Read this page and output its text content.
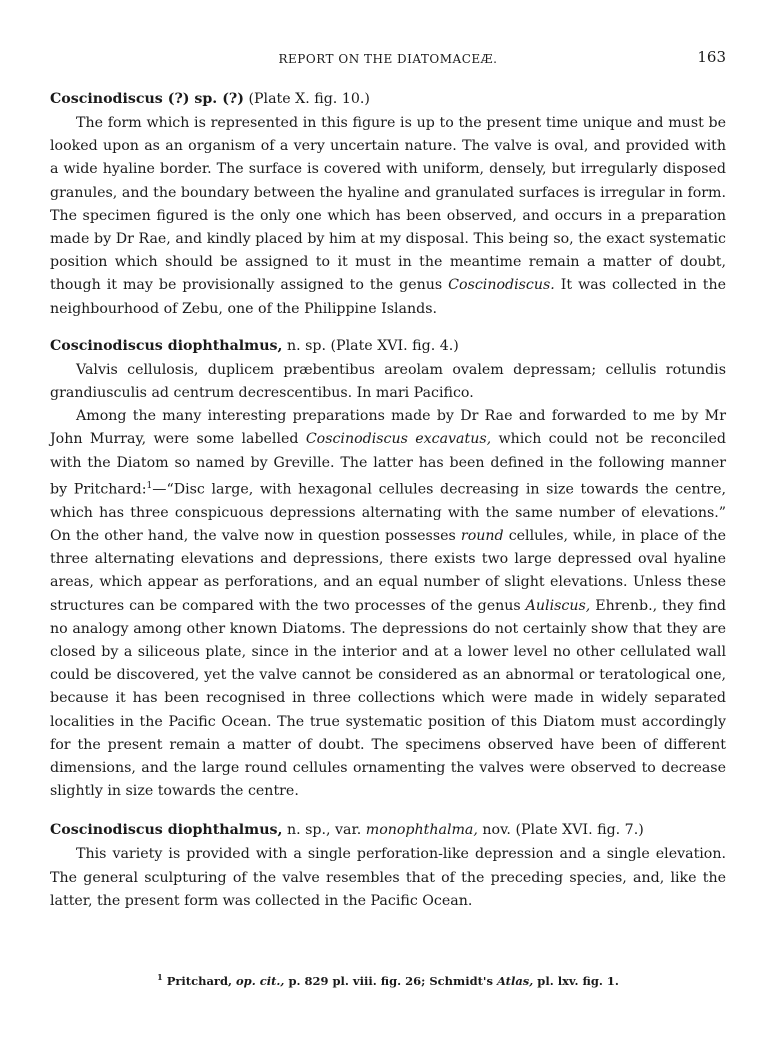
REPORT ON THE DIATOMACEÆ.	163

Coscinodiscus (?) sp. (?) (Plate X. fig. 10.)

The form which is represented in this figure is up to the present time unique and must be looked upon as an organism of a very uncertain nature. The valve is oval, and provided with a wide hyaline border. The surface is covered with uniform, densely, but irregularly disposed granules, and the boundary between the hyaline and granulated surfaces is irregular in form. The specimen figured is the only one which has been observed, and occurs in a preparation made by Dr Rae, and kindly placed by him at my disposal. This being so, the exact systematic position which should be assigned to it must in the meantime remain a matter of doubt, though it may be provisionally assigned to the genus Coscinodiscus. It was collected in the neighbourhood of Zebu, one of the Philippine Islands.

Coscinodiscus diophthalmus, n. sp. (Plate XVI. fig. 4.)

Valvis cellulosis, duplicem præbentibus areolam ovalem depressam; cellulis rotundis grandiusculis ad centrum decrescentibus. In mari Pacifico.

Among the many interesting preparations made by Dr Rae and forwarded to me by Mr John Murray, were some labelled Coscinodiscus excavatus, which could not be reconciled with the Diatom so named by Greville. The latter has been defined in the following manner by Pritchard:$^1$—“Disc large, with hexagonal cellules decreasing in size towards the centre, which has three conspicuous depressions alternating with the same number of elevations.” On the other hand, the valve now in question possesses round cellules, while, in place of the three alternating elevations and depressions, there exists two large depressed oval hyaline areas, which appear as perforations, and an equal number of slight elevations. Unless these structures can be compared with the two processes of the genus Auliscus, Ehrenb., they find no analogy among other known Diatoms. The depressions do not certainly show that they are closed by a siliceous plate, since in the interior and at a lower level no other cellulated wall could be discovered, yet the valve cannot be considered as an abnormal or teratological one, because it has been recognised in three collections which were made in widely separated localities in the Pacific Ocean. The true systematic position of this Diatom must accordingly for the present remain a matter of doubt. The specimens observed have been of different dimensions, and the large round cellules ornamenting the valves were observed to decrease slightly in size towards the centre.

Coscinodiscus diophthalmus, n. sp., var. monophthalma, nov. (Plate XVI. fig. 7.)

This variety is provided with a single perforation-like depression and a single elevation. The general sculpturing of the valve resembles that of the preceding species, and, like the latter, the present form was collected in the Pacific Ocean.

$^1$ Pritchard, op. cit., p. 829 pl. viii. fig. 26; Schmidt's Atlas, pl. lxv. fig. 1.
